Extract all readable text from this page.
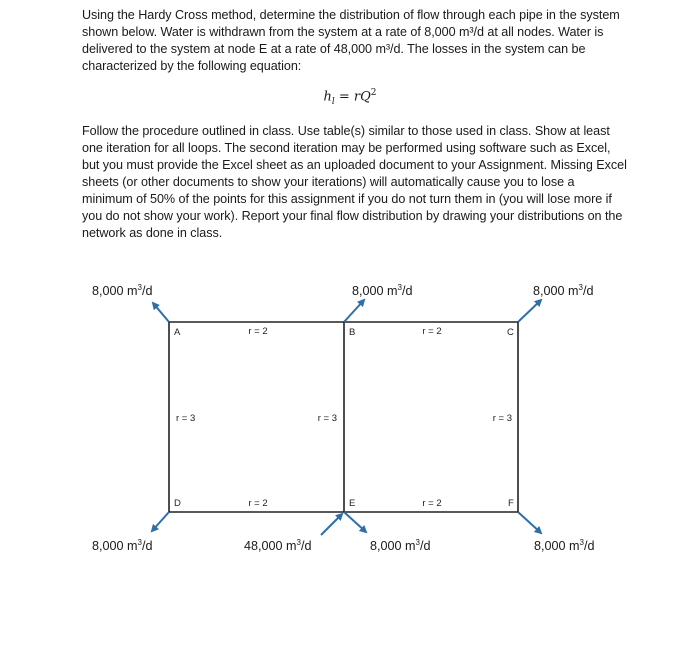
Using the Hardy Cross method, determine the distribution of flow through each pipe in the system shown below. Water is withdrawn from the system at a rate of 8,000 m³/d at all nodes. Water is delivered to the system at node E at a rate of 48,000 m³/d. The losses in the system can be characterized by the following equation:
$h_l = rQ^2$
Follow the procedure outlined in class. Use table(s) similar to those used in class. Show at least one iteration for all loops. The second iteration may be performed using software such as Excel, but you must provide the Excel sheet as an uploaded document to your Assignment. Missing Excel sheets (or other documents to show your iterations) will automatically cause you to lose a minimum of 50% of the points for this assignment if you do not turn them in (you will lose more if you do not show your work). Report your final flow distribution by drawing your distributions on the network as done in class.
A	B	C
D	E	F
r = 2	r = 2
r = 2	r = 2
r = 3	r = 3	r = 3
8,000 $m^3/d$	8,000 $m^3/d$	8,000 $m^3/d$
8,000 $m^3/d$	48,000 $m^3/d$	8,000 $m^3/d$	8,000 $m^3/d$
